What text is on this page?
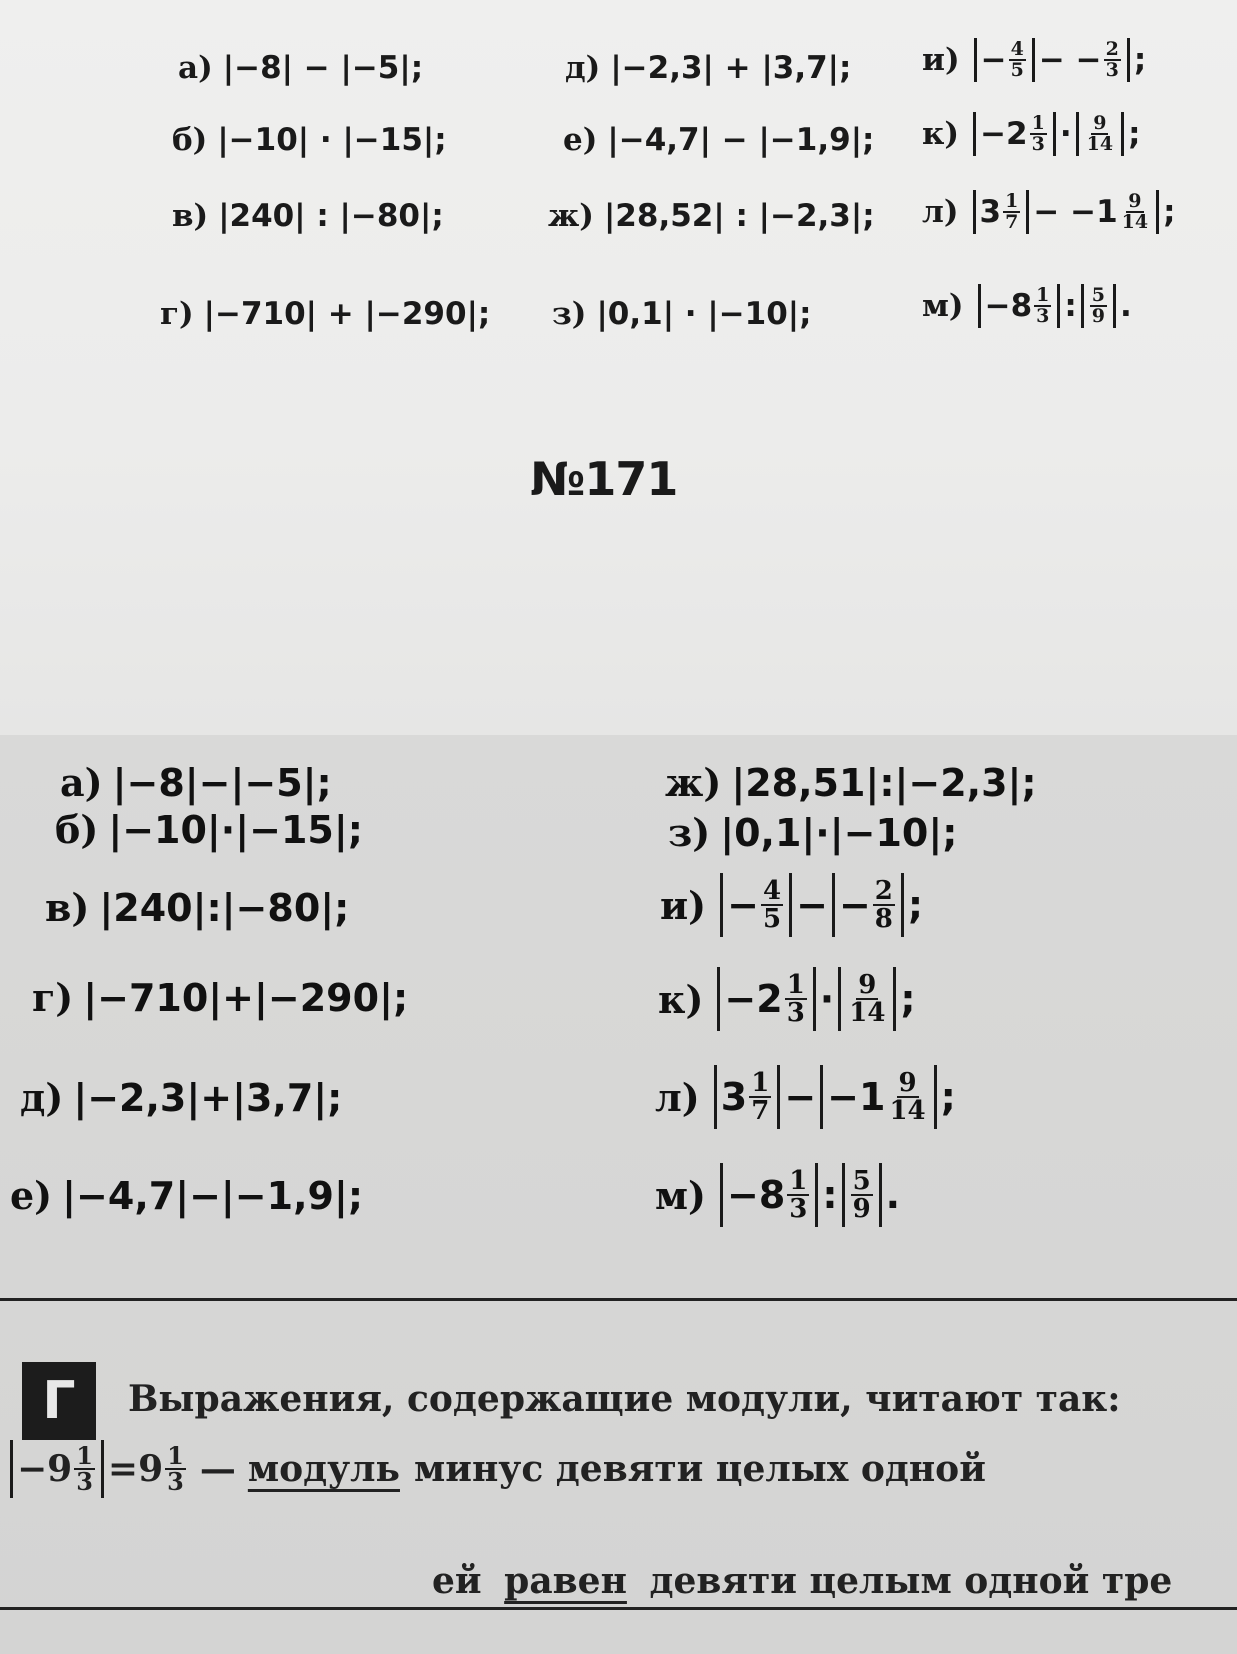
а) |−8| − |−5|;
б) |−10| · |−15|;
в) |240| : |−80|;
г) |−710| + |−290|;
д) |−2,3| + |3,7|;
е) |−4,7| − |−1,9|;
ж) |28,52| : |−2,3|;
з) |0,1| · |−10|;
$и) - \frac{4}{5}$ − − $\frac{2}{3}$ ;
$к) -2 \frac{1}{3} \cdot \frac{9}{14}$ ;
л) $3 \frac{1}{7} - -1 \frac{9}{14}$ ;
$м) -8 \frac{1}{3}$ : $\frac{5}{9}$ .
№171
а) |−8|−|−5|;
б) |−10|·|−15|;
в) |240|:|−80|;
г) |−710|+|−290|;
д) |−2,3|+|3,7|;
е) |−4,7|−|−1,9|;
ж) |28,51|:|−2,3|;
з) |0,1|·|−10|;
$и) - \frac{4}{5}$ − − $\frac{2}{8}$ ;
$к) -2 \frac{1}{3} \cdot \frac{9}{14}$ ;
л) $3 \frac{1}{7} - -1 \frac{9}{14}$ ;
$м) -8 \frac{1}{3}$ : $\frac{5}{9}$ .
Г	Выражения, содержащие модули, читают так:
$-9 \frac{1}{3} =9 \frac{1}{3}$ — модуль минус девяти целых одной
ей равен девяти целым одной тре
